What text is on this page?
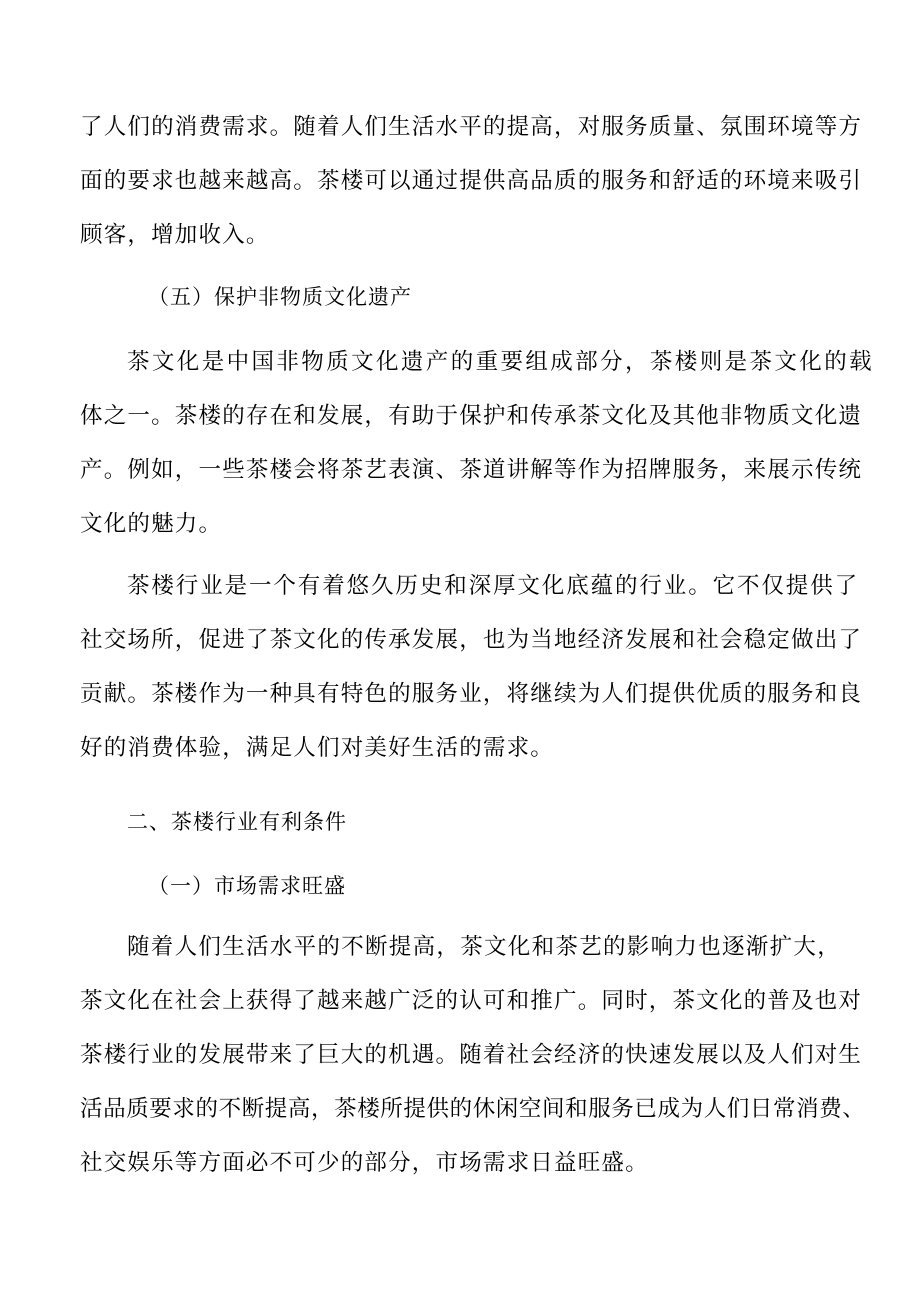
了人们的消费需求。随着人们生活水平的提高，对服务质量、氛围环境等方
面的要求也越来越高。茶楼可以通过提供高品质的服务和舒适的环境来吸引
顾客，增加收入。
（五）保护非物质文化遗产
茶文化是中国非物质文化遗产的重要组成部分，茶楼则是茶文化的载
体之一。茶楼的存在和发展，有助于保护和传承茶文化及其他非物质文化遗
产。例如，一些茶楼会将茶艺表演、茶道讲解等作为招牌服务，来展示传统
文化的魅力。
茶楼行业是一个有着悠久历史和深厚文化底蕴的行业。它不仅提供了
社交场所，促进了茶文化的传承发展，也为当地经济发展和社会稳定做出了
贡献。茶楼作为一种具有特色的服务业，将继续为人们提供优质的服务和良
好的消费体验，满足人们对美好生活的需求。
二、茶楼行业有利条件
（一）市场需求旺盛
随着人们生活水平的不断提高，茶文化和茶艺的影响力也逐渐扩大，
茶文化在社会上获得了越来越广泛的认可和推广。同时，茶文化的普及也对
茶楼行业的发展带来了巨大的机遇。随着社会经济的快速发展以及人们对生
活品质要求的不断提高，茶楼所提供的休闲空间和服务已成为人们日常消费、
社交娱乐等方面必不可少的部分，市场需求日益旺盛。
